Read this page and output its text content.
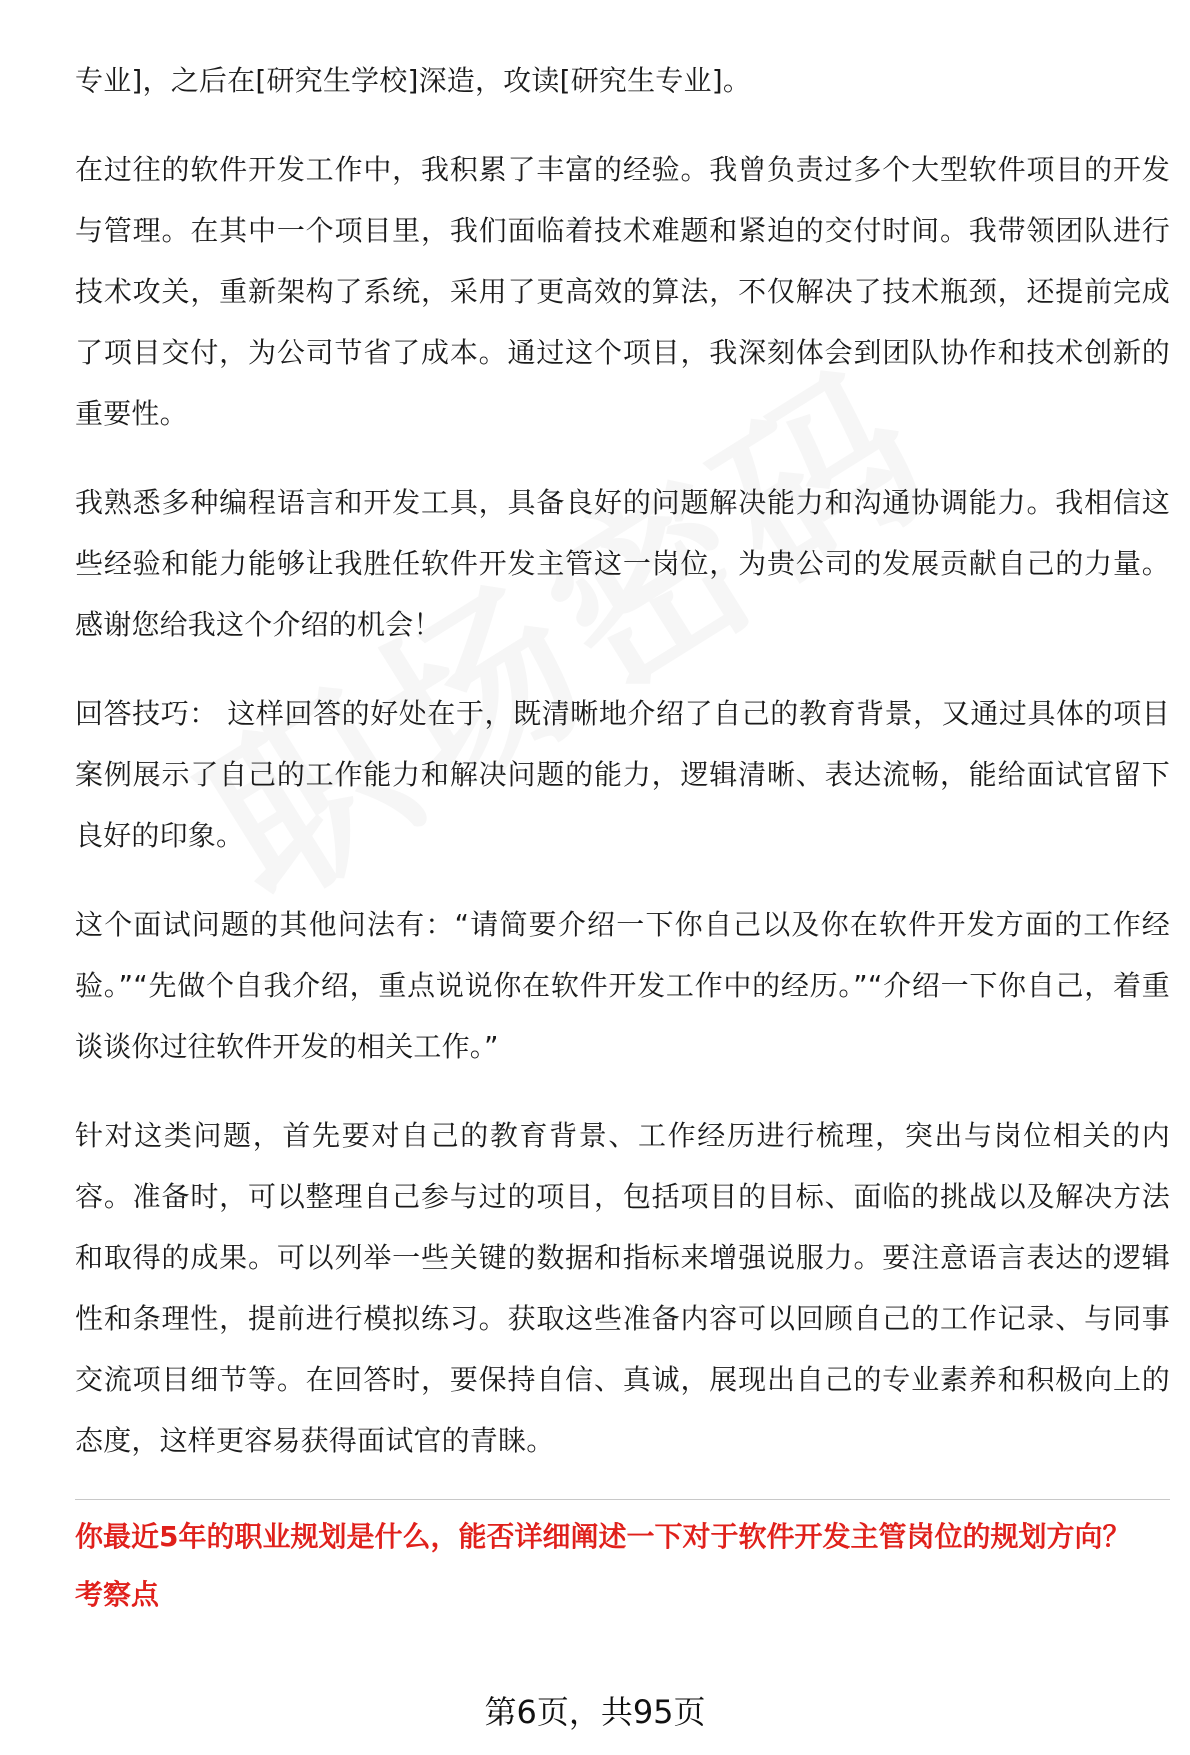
专业]，之后在[研究生学校]深造，攻读[研究生专业]。

在过往的软件开发工作中，我积累了丰富的经验。我曾负责过多个大型软件项目的开发与管理。在其中一个项目里，我们面临着技术难题和紧迫的交付时间。我带领团队进行技术攻关，重新架构了系统，采用了更高效的算法，不仅解决了技术瓶颈，还提前完成了项目交付，为公司节省了成本。通过这个项目，我深刻体会到团队协作和技术创新的重要性。

我熟悉多种编程语言和开发工具，具备良好的问题解决能力和沟通协调能力。我相信这些经验和能力能够让我胜任软件开发主管这一岗位，为贵公司的发展贡献自己的力量。感谢您给我这个介绍的机会！

回答技巧： 这样回答的好处在于，既清晰地介绍了自己的教育背景，又通过具体的项目案例展示了自己的工作能力和解决问题的能力，逻辑清晰、表达流畅，能给面试官留下良好的印象。

这个面试问题的其他问法有：“请简要介绍一下你自己以及你在软件开发方面的工作经验。”“先做个自我介绍，重点说说你在软件开发工作中的经历。”“介绍一下你自己，着重谈谈你过往软件开发的相关工作。”

针对这类问题，首先要对自己的教育背景、工作经历进行梳理，突出与岗位相关的内容。准备时，可以整理自己参与过的项目，包括项目的目标、面临的挑战以及解决方法和取得的成果。可以列举一些关键的数据和指标来增强说服力。要注意语言表达的逻辑性和条理性，提前进行模拟练习。获取这些准备内容可以回顾自己的工作记录、与同事交流项目细节等。在回答时，要保持自信、真诚，展现出自己的专业素养和积极向上的态度，这样更容易获得面试官的青睐。

你最近5年的职业规划是什么，能否详细阐述一下对于软件开发主管岗位的规划方向？

考察点

第6页，共95页
